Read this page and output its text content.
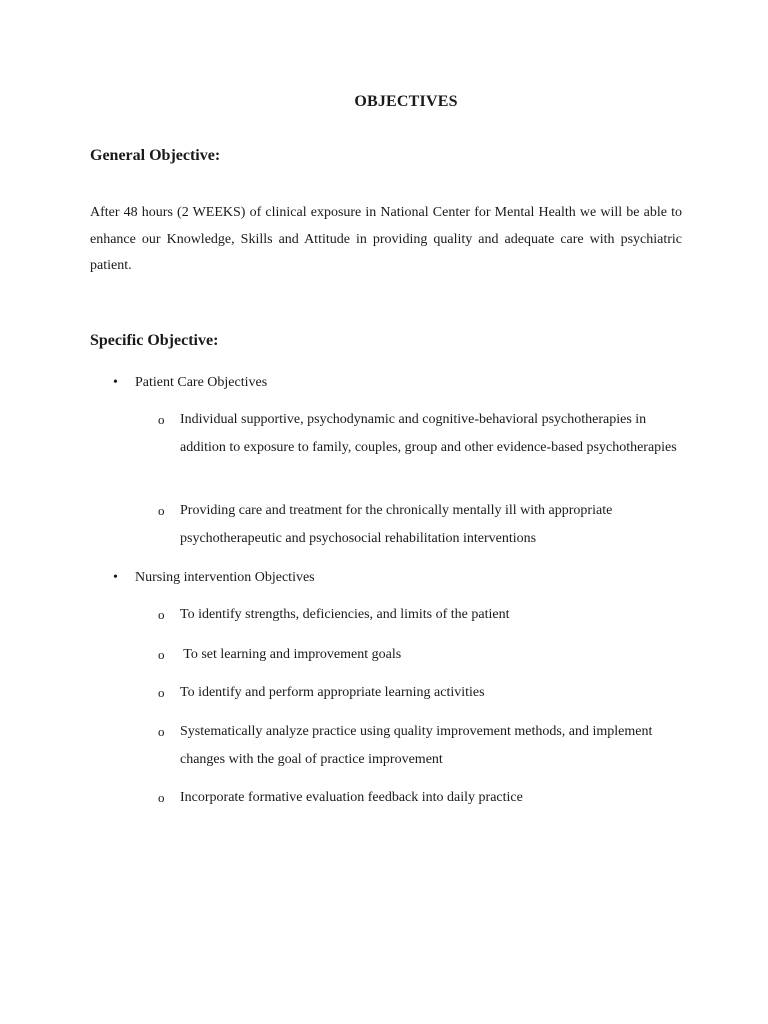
OBJECTIVES
General Objective:
After 48 hours (2 WEEKS) of clinical exposure in National Center for Mental Health we will be able to enhance our Knowledge, Skills and Attitude in providing quality and adequate care with psychiatric patient.
Specific Objective:
•	Patient Care Objectives
o Individual supportive, psychodynamic and cognitive-behavioral psychotherapies in addition to exposure to family, couples, group and other evidence-based psychotherapies
o Providing care and treatment for the chronically mentally ill with appropriate psychotherapeutic and psychosocial rehabilitation interventions
•	Nursing intervention Objectives
o To identify strengths, deficiencies, and limits of the patient
o To set learning and improvement goals
o To identify and perform appropriate learning activities
o Systematically analyze practice using quality improvement methods, and implement changes with the goal of practice improvement
o Incorporate formative evaluation feedback into daily practice
